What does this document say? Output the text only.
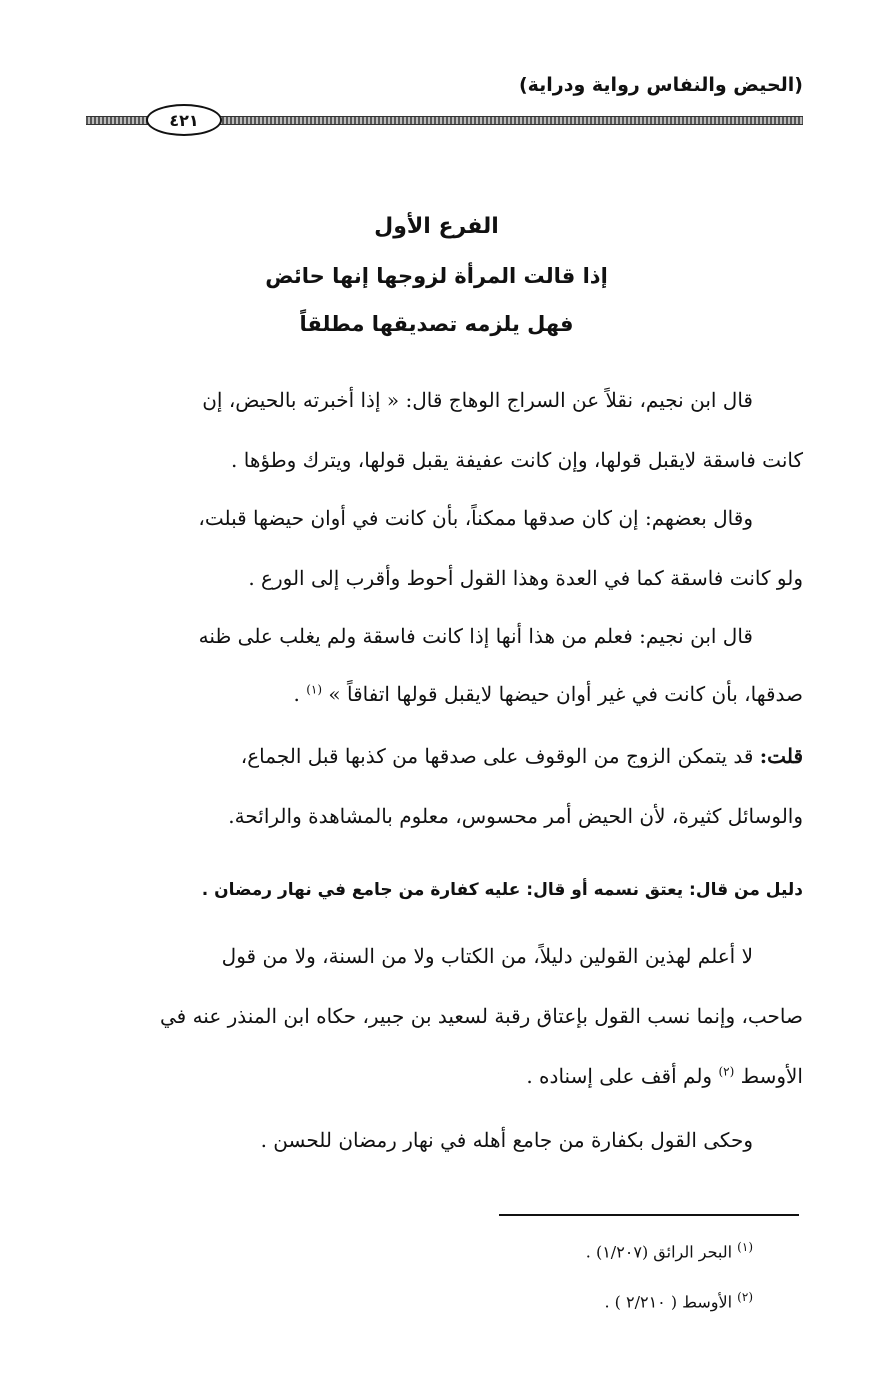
(الحيض والنفاس رواية ودراية)
٤٢١
الفرع الأول
إذا قالت المرأة لزوجها إنها حائض
فهل يلزمه تصديقها مطلقاً
قال ابن نجيم، نقلاً عن السراج الوهاج قال: « إذا أخبرته بالحيض، إن
كانت فاسقة لايقبل قولها، وإن كانت عفيفة يقبل قولها، ويترك وطؤها .
وقال بعضهم: إن كان صدقها ممكناً، بأن كانت في أوان حيضها قبلت،
ولو كانت فاسقة كما في العدة وهذا القول أحوط وأقرب إلى الورع .
قال ابن نجيم: فعلم من هذا أنها إذا كانت فاسقة ولم يغلب على ظنه
صدقها، بأن كانت في غير أوان حيضها لايقبل قولها اتفاقاً » $^{(١)}$ .
قلت: قد يتمكن الزوج من الوقوف على صدقها من كذبها قبل الجماع،
والوسائل كثيرة، لأن الحيض أمر محسوس، معلوم بالمشاهدة والرائحة.
دليل من قال: يعتق نسمه أو قال: عليه كفارة من جامع في نهار رمضان .
لا أعلم لهذين القولين دليلاً، من الكتاب ولا من السنة، ولا من قول
صاحب، وإنما نسب القول بإعتاق رقبة لسعيد بن جبير، حكاه ابن المنذر عنه في
الأوسط $^{(٢)}$ ولم أقف على إسناده .
وحكى القول بكفارة من جامع أهله في نهار رمضان للحسن .
$^{(١)}$ البحر الرائق (١/٢٠٧) .
$^{(٢)}$ الأوسط ( ٢/٢١٠ ) .
